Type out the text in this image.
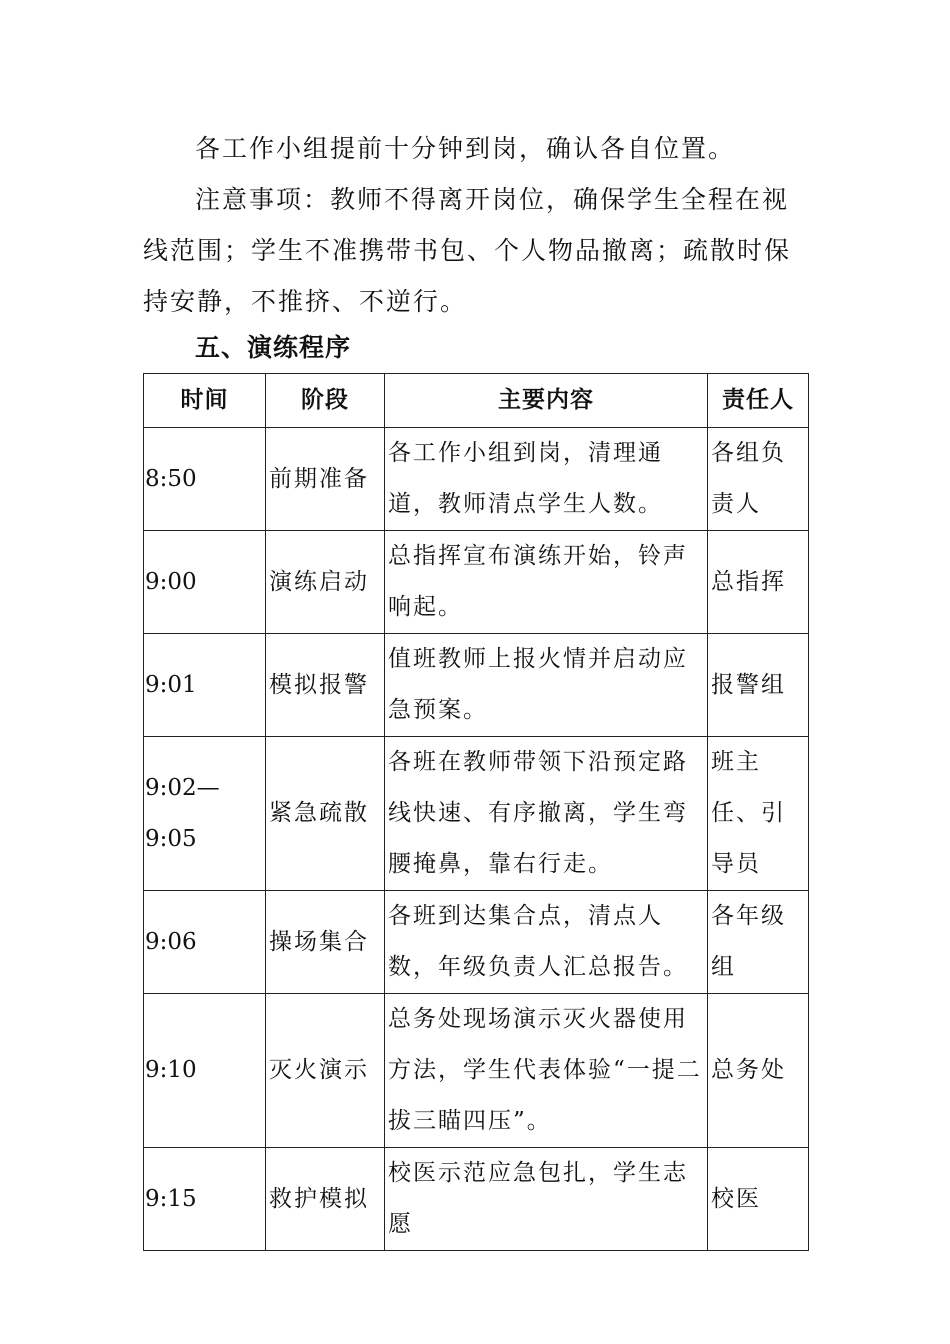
各工作小组提前十分钟到岗，确认各自位置。

注意事项：教师不得离开岗位，确保学生全程在视线范围；学生不准携带书包、个人物品撤离；疏散时保持安静，不推挤、不逆行。

五、演练程序
时间	阶段	主要内容	责任人
8:50	前期准备	各工作小组到岗，清理通道，教师清点学生人数。	各组负责人
9:00	演练启动	总指挥宣布演练开始，铃声响起。	总指挥
9:01	模拟报警	值班教师上报火情并启动应急预案。	报警组
9:02—9:05	紧急疏散	各班在教师带领下沿预定路线快速、有序撤离，学生弯腰掩鼻，靠右行走。	班主任、引导员
9:06	操场集合	各班到达集合点，清点人数，年级负责人汇总报告。	各年级组
9:10	灭火演示	总务处现场演示灭火器使用方法，学生代表体验“一提二拔三瞄四压”。	总务处
9:15	救护模拟	校医示范应急包扎，学生志愿	校医
